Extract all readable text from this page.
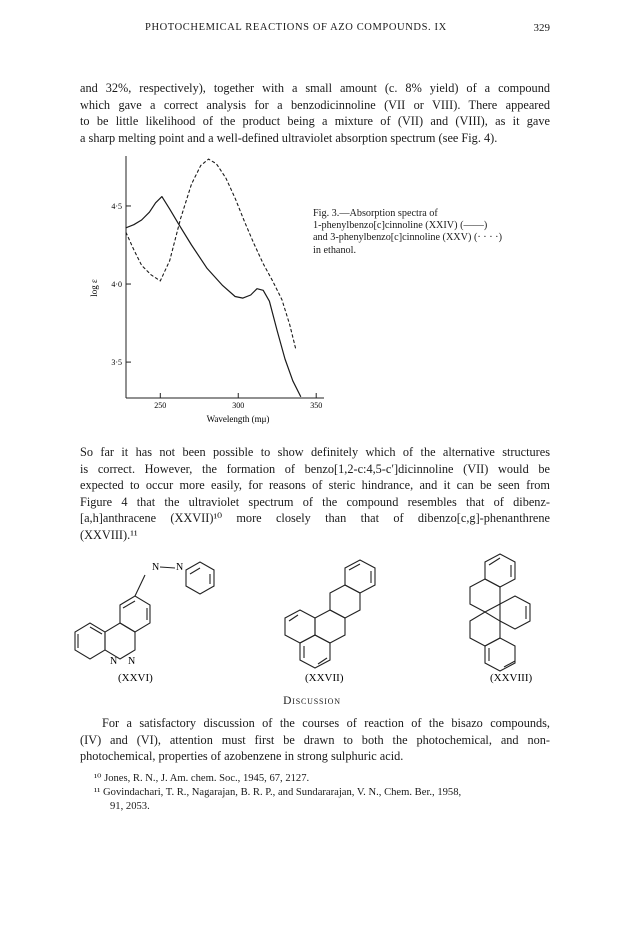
PHOTOCHEMICAL REACTIONS OF AZO COMPOUNDS. IX	329
and 32%, respectively), together with a small amount (c. 8% yield) of a compound
which gave a correct analysis for a benzodicinnoline (VII or VIII). There appeared
to be little likelihood of the product being a mixture of (VII) and (VIII), as it gave
a sharp melting point and a well-defined ultraviolet absorption spectrum (see Fig. 4).
4·5
4·0
3·5
250	300	350
log ε
Wavelength (mμ)
Fig. 3.—Absorption spectra of
1-phenylbenzo[c]cinnoline (XXIV) (——)
and 3-phenylbenzo[c]cinnoline (XXV) (· · · ·)
in ethanol.
So far it has not been possible to show definitely which of the alternative structures
is correct. However, the formation of benzo[1,2-c:4,5-c′]dicinnoline (VII) would be
expected to occur more easily, for reasons of steric hindrance, and it can be seen from
Figure 4 that the ultraviolet spectrum of the compound resembles that of dibenz-
[a,h]anthracene (XXVII)¹⁰ more closely than that of dibenzo[c,g]-phenanthrene
(XXVIII).¹¹
N N
N N
(XXVI)	(XXVII)	(XXVIII)
Discussion
For a satisfactory discussion of the courses of reaction of the bisazo compounds,
(IV) and (VI), attention must first be drawn to both the photochemical, and non-
photochemical, properties of azobenzene in strong sulphuric acid.
¹⁰ Jones, R. N., J. Am. chem. Soc., 1945, 67, 2127.
¹¹ Govindachari, T. R., Nagarajan, B. R. P., and Sundararajan, V. N., Chem. Ber., 1958,
91, 2053.
